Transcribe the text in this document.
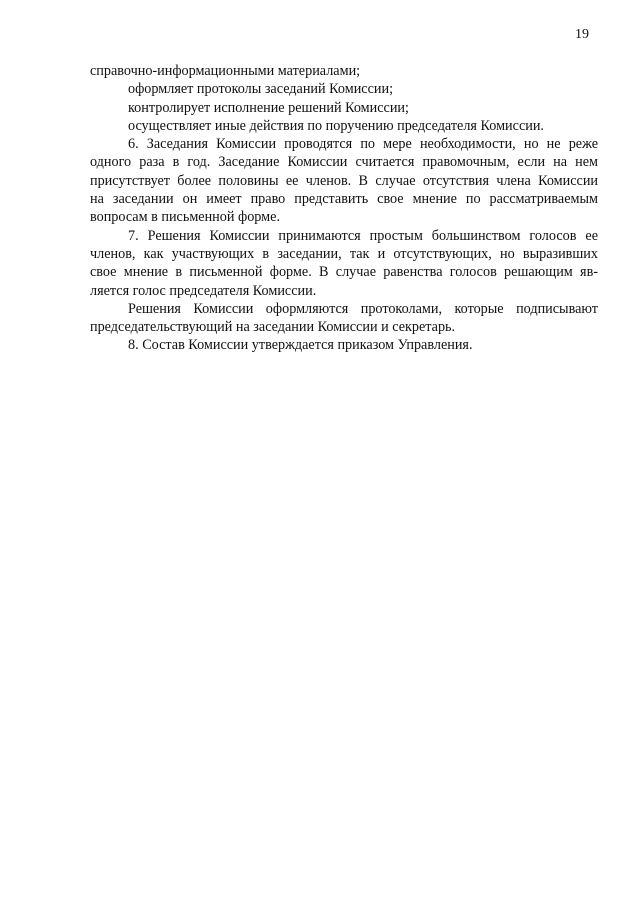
19
справочно-информационными материалами;
оформляет протоколы заседаний Комиссии;
контролирует исполнение решений Комиссии;
осуществляет иные действия по поручению председателя Комиссии.
6. Заседания Комиссии проводятся по мере необходимости, но не реже
одного раза в год. Заседание Комиссии считается правомочным, если на нем
присутствует более половины ее членов. В случае отсутствия члена Комиссии
на заседании он имеет право представить свое мнение по рассматриваемым
вопросам в письменной форме.
7. Решения Комиссии принимаются простым большинством голосов ее
членов, как участвующих в заседании, так и отсутствующих, но выразивших
свое мнение в письменной форме. В случае равенства голосов решающим яв-
ляется голос председателя Комиссии.
Решения Комиссии оформляются протоколами, которые подписывают
председательствующий на заседании Комиссии и секретарь.
8. Состав Комиссии утверждается приказом Управления.
